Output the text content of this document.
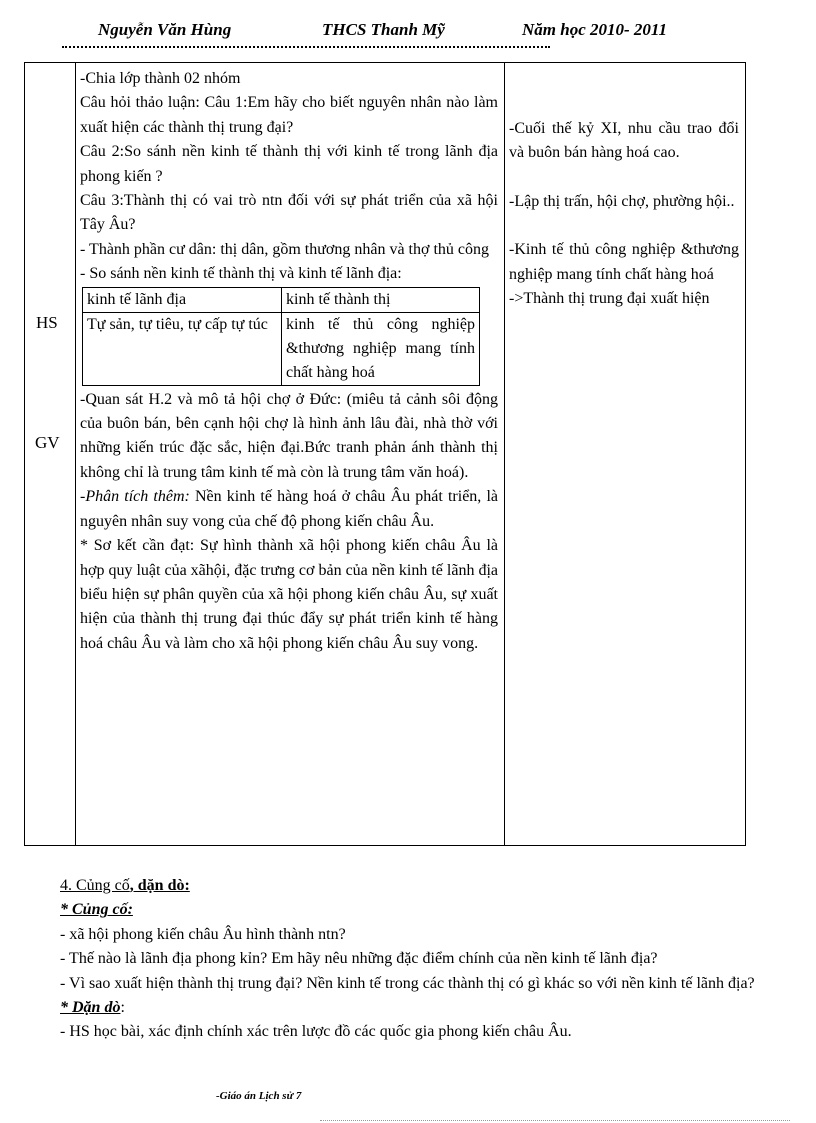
Nguyễn Văn Hùng	THCS Thanh Mỹ	Năm học 2010- 2011
HS
GV

-Chia lớp thành 02 nhóm

Câu hỏi thảo luận: Câu 1:Em hãy cho biết nguyên nhân nào làm xuất hiện các thành thị trung đại?

Câu 2:So sánh nền kinh tế thành thị với kinh tế trong lãnh địa phong kiến ?

Câu 3:Thành thị có vai trò ntn đối với sự phát triển của xã hội Tây Âu?

- Thành phần cư dân: thị dân, gồm thương nhân và thợ thủ công

- So sánh nền kinh tế thành thị và kinh tế lãnh địa:

kinh tế lãnh địa	kinh tế thành thị
Tự sản, tự tiêu, tự cấp tự túc	kinh tế thủ công nghiệp &thương nghiệp mang tính chất hàng hoá

-Quan sát H.2 và mô tả hội chợ ở Đức: (miêu tả cảnh sôi động của buôn bán, bên cạnh hội chợ là hình ảnh lâu đài, nhà thờ với những kiến trúc đặc sắc, hiện đại.Bức tranh phản ánh thành thị không chỉ là trung tâm kinh tế mà còn là trung tâm văn hoá).

-Phân tích thêm: Nền kinh tế hàng hoá ở châu Âu phát triển, là nguyên nhân suy vong của chế độ phong kiến châu Âu.

* Sơ kết cần đạt: Sự hình thành xã hội phong kiến châu Âu là hợp quy luật của xãhội, đặc trưng cơ bản của nền kinh tế lãnh địa biểu hiện sự phân quyền của xã hội phong kiến châu Âu, sự xuất hiện của thành thị trung đại thúc đẩy sự phát triển kinh tế hàng hoá châu Âu và làm cho xã hội phong kiến châu Âu suy vong.

-Cuối thế kỷ XI, nhu cầu trao đổi và buôn bán hàng hoá cao.

-Lập thị trấn, hội chợ, phường hội..

-Kinh tế thủ công nghiệp &thương nghiệp mang tính chất hàng hoá

->Thành thị trung đại xuất hiện

4. Củng cố, dặn dò:

* Củng cố:

- xã hội phong kiến châu Âu hình thành ntn?

- Thế nào là lãnh địa phong kỉn? Em hãy nêu những đặc điểm chính của nền kinh tế lãnh địa?

- Vì sao xuất hiện thành thị trung đại? Nền kinh tế trong các thành thị có gì khác so với nền kinh tế lãnh địa?

* Dặn dò:

- HS học bài, xác định chính xác trên lược đồ các quốc gia phong kiến châu Âu.

-Giáo án Lịch sử 7
